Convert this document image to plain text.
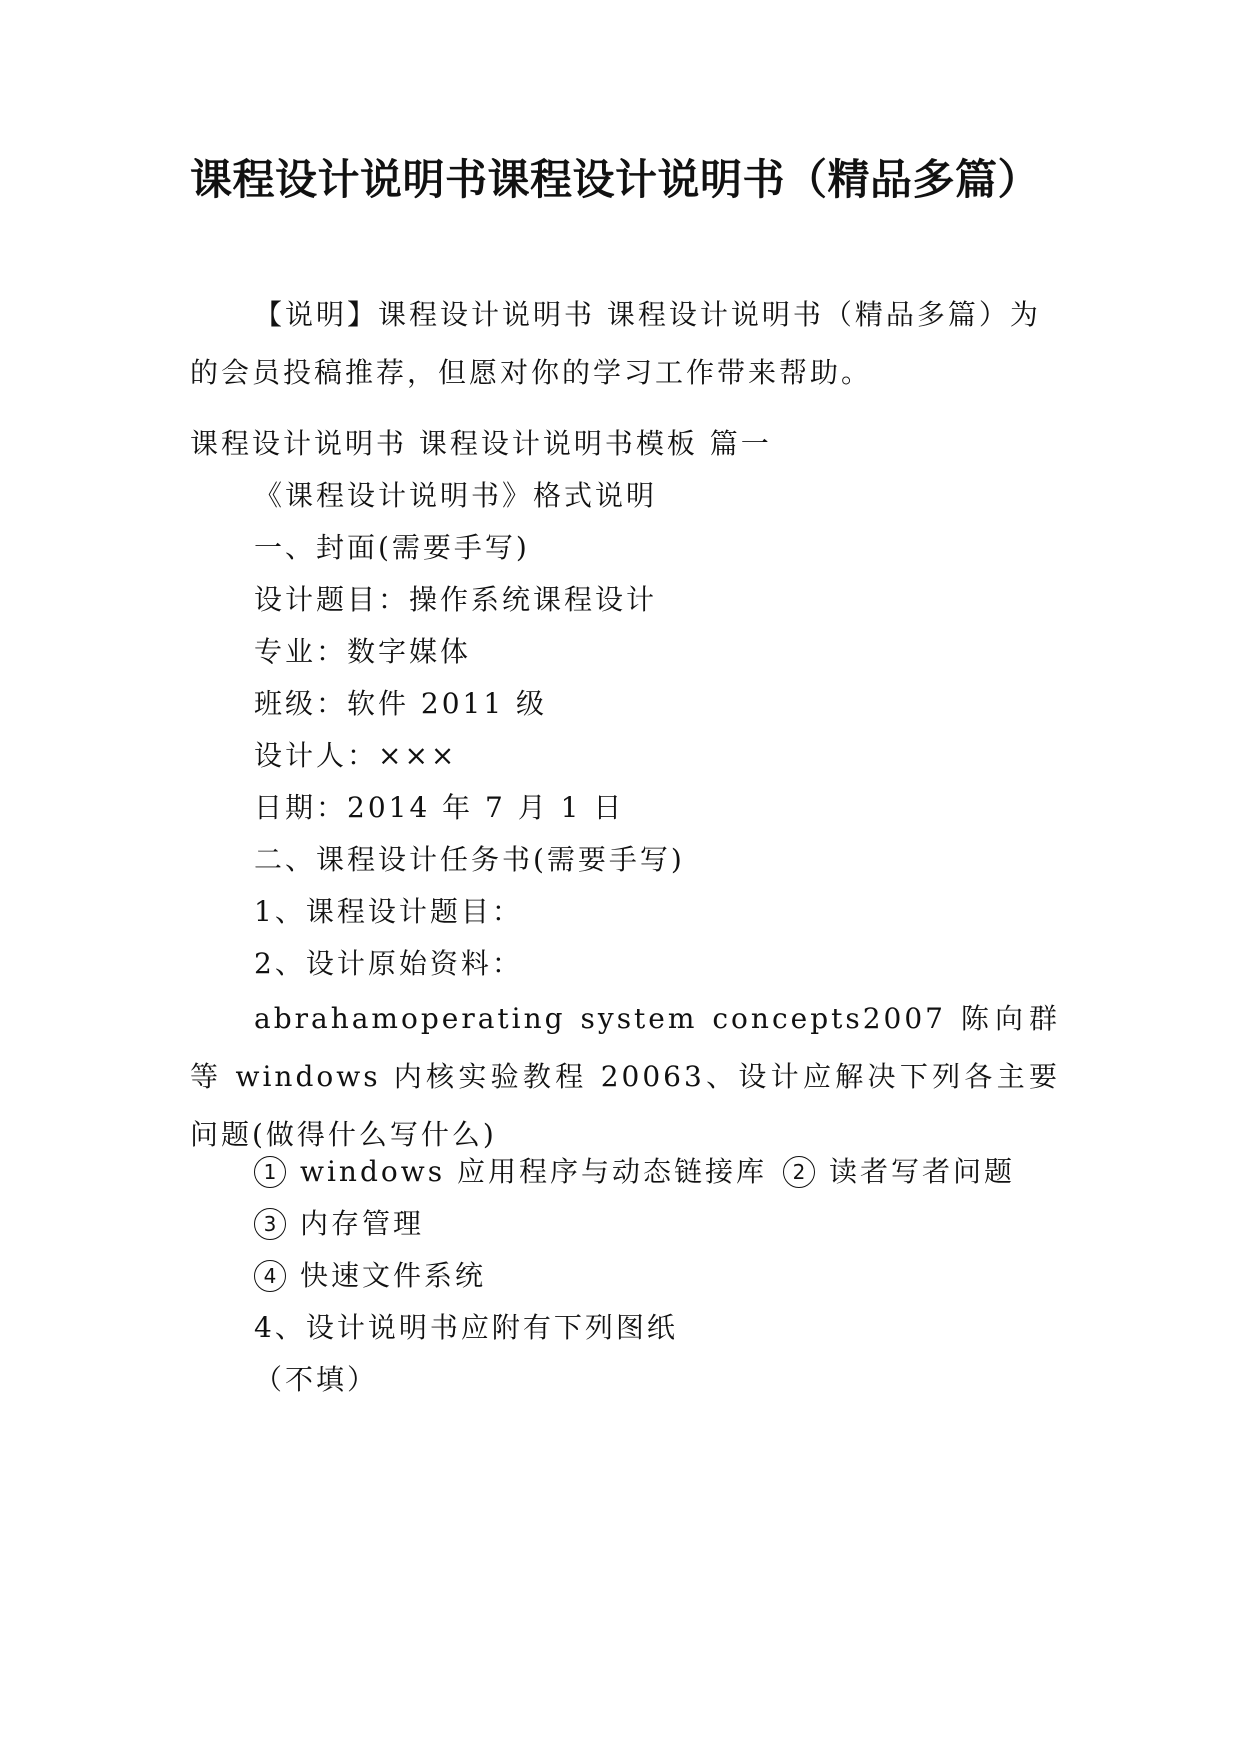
课程设计说明书课程设计说明书（精品多篇）

【说明】课程设计说明书 课程设计说明书（精品多篇）为的会员投稿推荐，但愿对你的学习工作带来帮助。

课程设计说明书 课程设计说明书模板 篇一

《课程设计说明书》格式说明

一、封面(需要手写)

设计题目：操作系统课程设计

专业：数字媒体

班级：软件 2011 级

设计人：×××

日期：2014 年 7 月 1 日

二、课程设计任务书(需要手写)

1、课程设计题目：

2、设计原始资料：

abrahamoperating system concepts2007 陈向群等 windows 内核实验教程 20063、设计应解决下列各主要问题(做得什么写什么)

1 windows 应用程序与动态链接库 2 读者写者问题

3 内存管理

4 快速文件系统

4、设计说明书应附有下列图纸

（不填）
